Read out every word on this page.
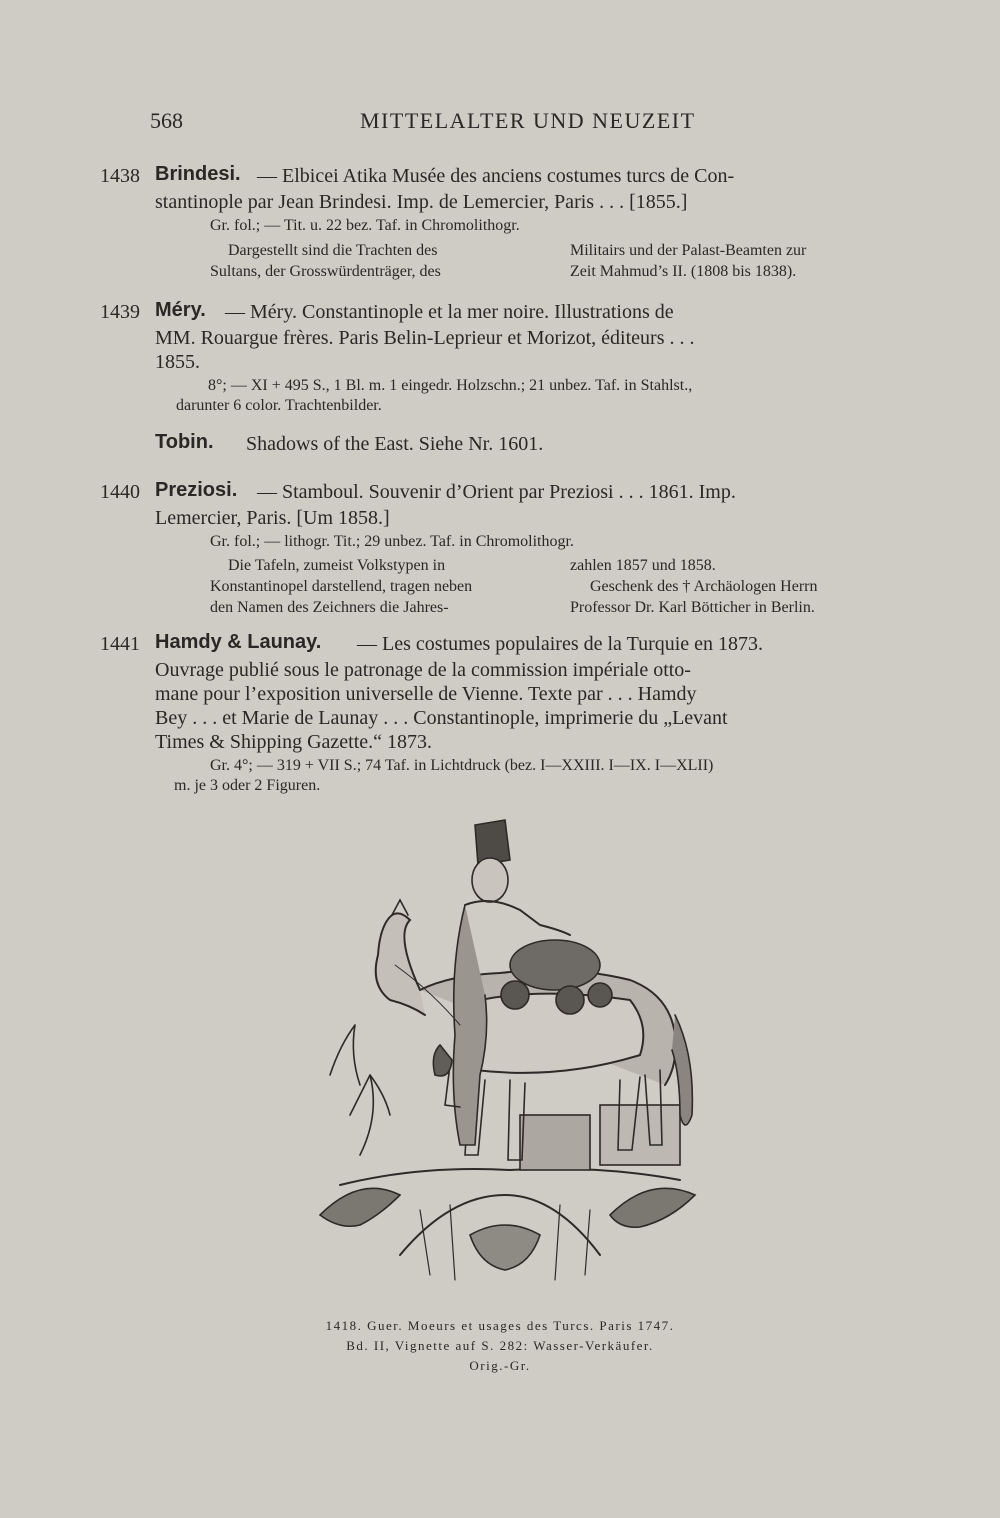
568	MITTELALTER UND NEUZEIT
1438 Brindesi. — Elbicei Atika Musée des anciens costumes turcs de Con-
stantinople par Jean Brindesi. Imp. de Lemercier, Paris . . . [1855.]
Gr. fol.; — Tit. u. 22 bez. Taf. in Chromolithogr.
Dargestellt sind die Trachten des
Sultans, der Grosswürdenträger, des
Militairs und der Palast-Beamten zur
Zeit Mahmud’s II. (1808 bis 1838).
1439 Méry. — Méry. Constantinople et la mer noire. Illustrations de
MM. Rouargue frères. Paris Belin-Leprieur et Morizot, éditeurs . . .
1855.
8°; — XI + 495 S., 1 Bl. m. 1 eingedr. Holzschn.; 21 unbez. Taf. in Stahlst.,
darunter 6 color. Trachtenbilder.
Tobin. Shadows of the East. Siehe Nr. 1601.
1440 Preziosi. — Stamboul. Souvenir d’Orient par Preziosi . . . 1861. Imp.
Lemercier, Paris. [Um 1858.]
Gr. fol.; — lithogr. Tit.; 29 unbez. Taf. in Chromolithogr.
Die Tafeln, zumeist Volkstypen in
Konstantinopel darstellend, tragen neben
den Namen des Zeichners die Jahres-
zahlen 1857 und 1858.
Geschenk des † Archäologen Herrn
Professor Dr. Karl Bötticher in Berlin.
1441 Hamdy & Launay. — Les costumes populaires de la Turquie en 1873.
Ouvrage publié sous le patronage de la commission impériale otto-
mane pour l’exposition universelle de Vienne. Texte par . . . Hamdy
Bey . . . et Marie de Launay . . . Constantinople, imprimerie du „Levant
Times & Shipping Gazette.“ 1873.
Gr. 4°; — 319 + VII S.; 74 Taf. in Lichtdruck (bez. I—XXIII. I—IX. I—XLII)
m. je 3 oder 2 Figuren.
1418. Guer. Moeurs et usages des Turcs. Paris 1747.
Bd. II, Vignette auf S. 282: Wasser-Verkäufer.
Orig.-Gr.
